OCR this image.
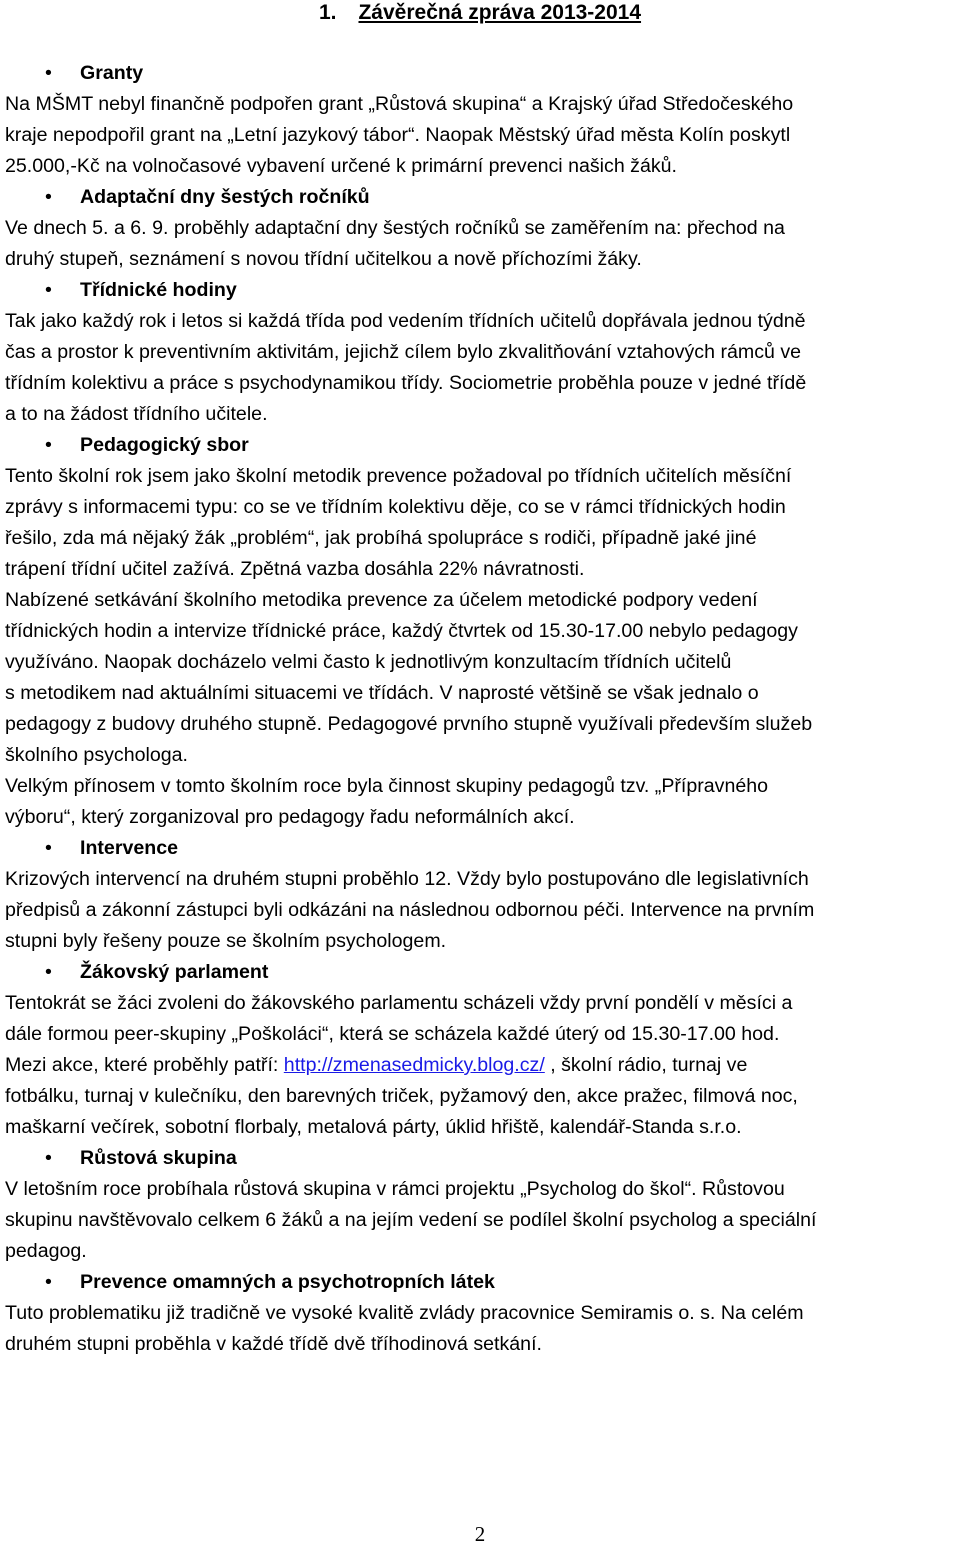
1. Závěrečná zpráva 2013-2014

• Granty

Na MŠMT nebyl finančně podpořen grant „Růstová skupina“ a Krajský úřad Středočeského

kraje nepodpořil grant na „Letní jazykový tábor“. Naopak Městský úřad města Kolín poskytl

25.000,-Kč na volnočasové vybavení určené k primární prevenci našich žáků.

• Adaptační dny šestých ročníků

Ve dnech 5. a 6. 9. proběhly adaptační dny šestých ročníků se zaměřením na: přechod na

druhý stupeň, seznámení s novou třídní učitelkou a nově příchozími žáky.

• Třídnické hodiny

Tak jako každý rok i letos si každá třída pod vedením třídních učitelů dopřávala jednou týdně

čas a prostor k preventivním aktivitám, jejichž cílem bylo zkvalitňování vztahových rámců ve

třídním kolektivu a práce s psychodynamikou třídy. Sociometrie proběhla pouze v jedné třídě

a to na žádost třídního učitele.

• Pedagogický sbor

Tento školní rok jsem jako školní metodik prevence požadoval po třídních učitelích měsíční

zprávy s informacemi typu: co se ve třídním kolektivu děje, co se v rámci třídnických hodin

řešilo, zda má nějaký žák „problém“, jak probíhá spolupráce s rodiči, případně jaké jiné

trápení třídní učitel zažívá. Zpětná vazba dosáhla 22% návratnosti.

Nabízené setkávání školního metodika prevence za účelem metodické podpory vedení

třídnických hodin a intervize třídnické práce, každý čtvrtek od 15.30-17.00 nebylo pedagogy

využíváno. Naopak docházelo velmi často k jednotlivým konzultacím třídních učitelů

s metodikem nad aktuálními situacemi ve třídách. V naprosté většině se však jednalo o

pedagogy z budovy druhého stupně. Pedagogové prvního stupně využívali především služeb

školního psychologa.

Velkým přínosem v tomto školním roce byla činnost skupiny pedagogů tzv. „Přípravného

výboru“, který zorganizoval pro pedagogy řadu neformálních akcí.

• Intervence

Krizových intervencí na druhém stupni proběhlo 12. Vždy bylo postupováno dle legislativních

předpisů a zákonní zástupci byli odkázáni na následnou odbornou péči. Intervence na prvním

stupni byly řešeny pouze se školním psychologem.

• Žákovský parlament

Tentokrát se žáci zvoleni do žákovského parlamentu scházeli vždy první pondělí v měsíci a

dále formou peer-skupiny „Poškoláci“, která se scházela každé úterý od 15.30-17.00 hod.

Mezi akce, které proběhly patří: http://zmenasedmicky.blog.cz/ , školní rádio, turnaj ve

fotbálku, turnaj v kulečníku, den barevných triček, pyžamový den, akce pražec, filmová noc,

maškarní večírek, sobotní florbaly, metalová párty, úklid hřiště, kalendář-Standa s.r.o.

• Růstová skupina

V letošním roce probíhala růstová skupina v rámci projektu „Psycholog do škol“. Růstovou

skupinu navštěvovalo celkem 6 žáků a na jejím vedení se podílel školní psycholog a speciální

pedagog.

• Prevence omamných a psychotropních látek

Tuto problematiku již tradičně ve vysoké kvalitě zvlády pracovnice Semiramis o. s. Na celém

druhém stupni proběhla v každé třídě dvě tříhodinová setkání.

2
